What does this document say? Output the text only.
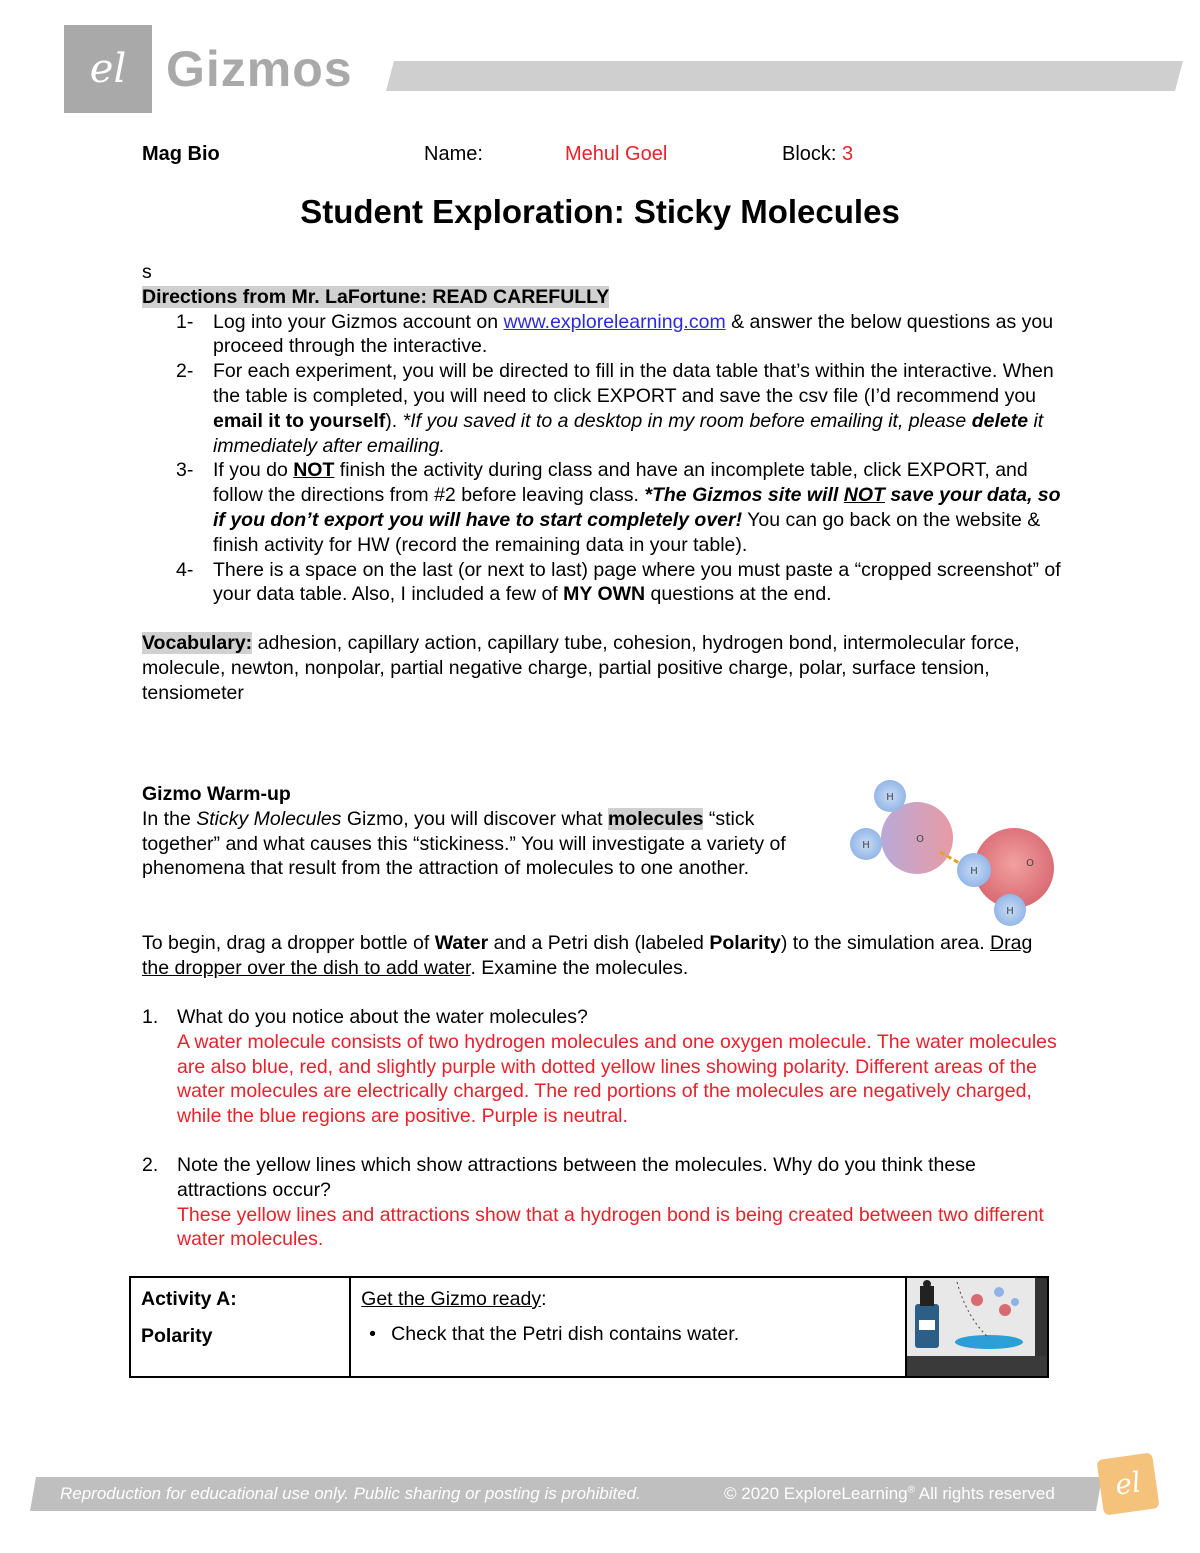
el Gizmos
Mag Bio	Name:	Mehul Goel	Block: 3
Student Exploration: Sticky Molecules
s
Directions from Mr. LaFortune: READ CAREFULLY
1- Log into your Gizmos account on www.explorelearning.com & answer the below questions as you proceed through the interactive.
2- For each experiment, you will be directed to fill in the data table that’s within the interactive. When the table is completed, you will need to click EXPORT and save the csv file (I’d recommend you email it to yourself). *If you saved it to a desktop in my room before emailing it, please delete it immediately after emailing.
3- If you do NOT finish the activity during class and have an incomplete table, click EXPORT, and follow the directions from #2 before leaving class. *The Gizmos site will NOT save your data, so if you don’t export you will have to start completely over! You can go back on the website & finish activity for HW (record the remaining data in your table).
4- There is a space on the last (or next to last) page where you must paste a “cropped screenshot” of your data table. Also, I included a few of MY OWN questions at the end.
Vocabulary: adhesion, capillary action, capillary tube, cohesion, hydrogen bond, intermolecular force, molecule, newton, nonpolar, partial negative charge, partial positive charge, polar, surface tension, tensiometer
Gizmo Warm-up
In the Sticky Molecules Gizmo, you will discover what molecules “stick together” and what causes this “stickiness.” You will investigate a variety of phenomena that result from the attraction of molecules to one another.
H
H
O
H
H
O
To begin, drag a dropper bottle of Water and a Petri dish (labeled Polarity) to the simulation area. Drag the dropper over the dish to add water. Examine the molecules.
1. What do you notice about the water molecules?
A water molecule consists of two hydrogen molecules and one oxygen molecule. The water molecules are also blue, red, and slightly purple with dotted yellow lines showing polarity. Different areas of the water molecules are electrically charged. The red portions of the molecules are negatively charged, while the blue regions are positive. Purple is neutral.
2. Note the yellow lines which show attractions between the molecules. Why do you think these attractions occur?
These yellow lines and attractions show that a hydrogen bond is being created between two different water molecules.
Activity A:
Polarity

Get the Gizmo ready:
• Check that the Petri dish contains water.

Reproduction for educational use only. Public sharing or posting is prohibited.	© 2020 ExploreLearning® All rights reserved	el
